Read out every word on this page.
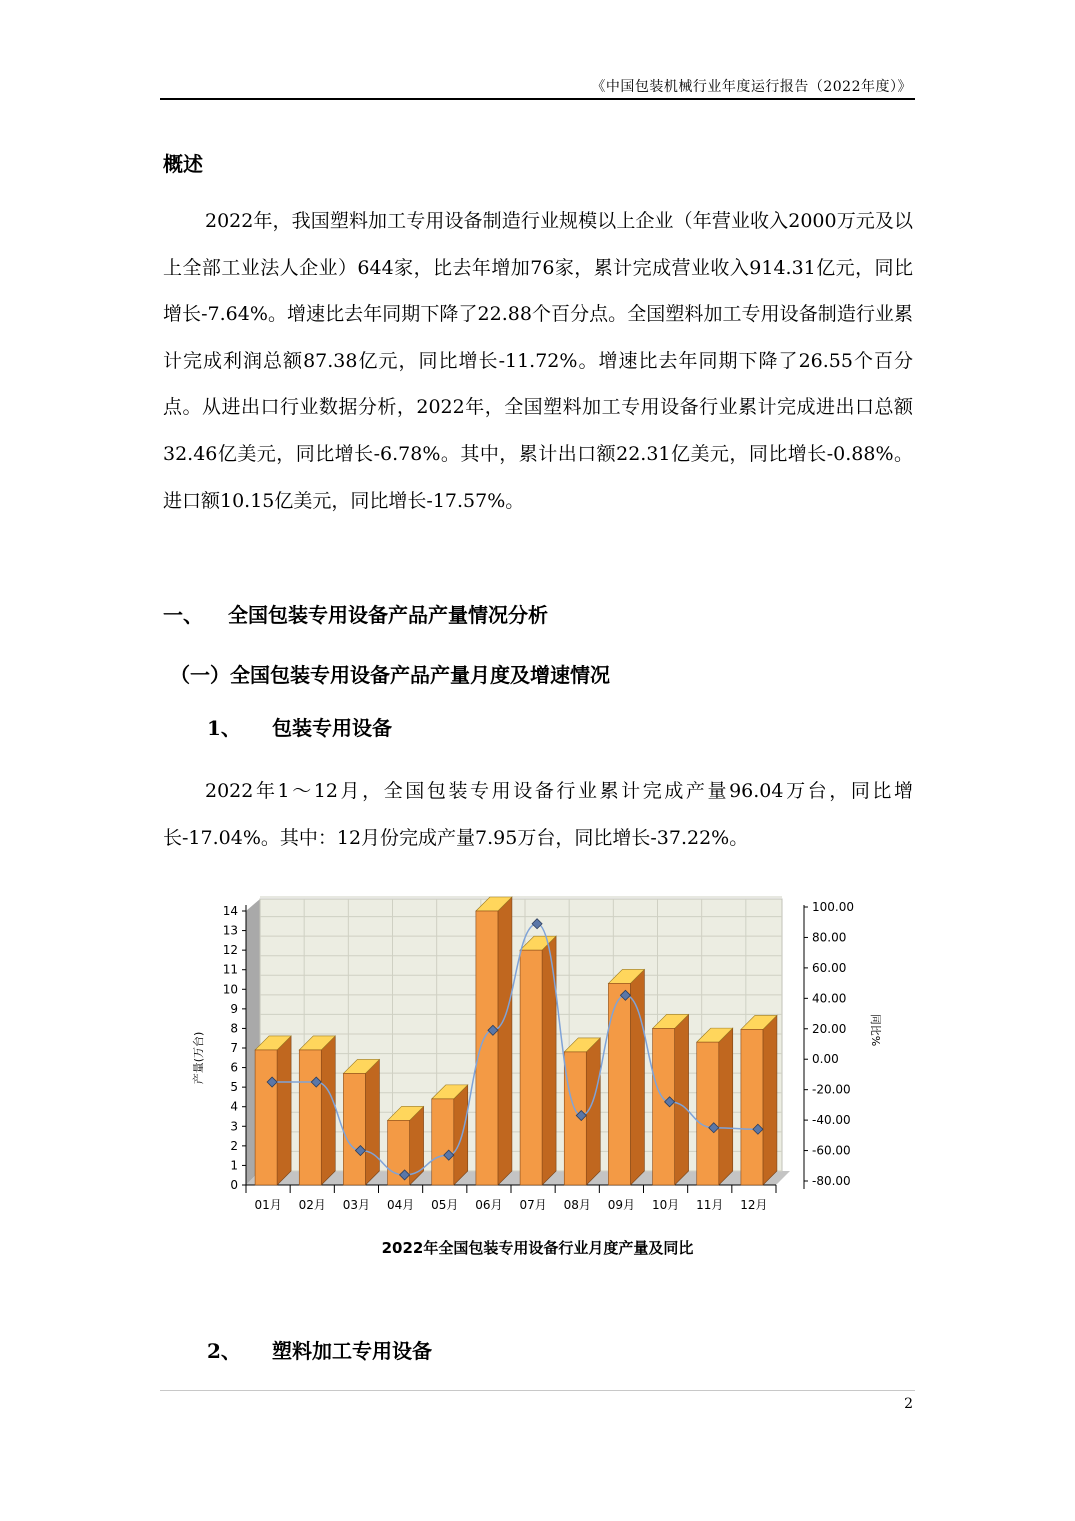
《中国包装机械行业年度运行报告（2022年度）》
概述

2022年，我国塑料加工专用设备制造行业规模以上企业（年营业收入2000万元及以上全部工业法人企业）644家，比去年增加76家，累计完成营业收入914.31亿元，同比增长-7.64%。增速比去年同期下降了22.88个百分点。全国塑料加工专用设备制造行业累计完成利润总额87.38亿元，同比增长-11.72%。增速比去年同期下降了26.55个百分点。从进出口行业数据分析，2022年，全国塑料加工专用设备行业累计完成进出口总额32.46亿美元，同比增长-6.78%。其中，累计出口额22.31亿美元，同比增长-0.88%。进口额10.15亿美元，同比增长-17.57%。

一、 全国包装专用设备产品产量情况分析
（一）全国包装专用设备产品产量月度及增速情况
1、 包装专用设备

2022年1～12月，全国包装专用设备行业累计完成产量96.04万台，同比增长-17.04%。其中：12月份完成产量7.95万台，同比增长-37.22%。

0
1
2
3
4
5
6
7
8
9
10
11
12
13
14
产量(万台)
-80.00
-60.00
-40.00
-20.00
0.00
20.00
40.00
60.00
80.00
100.00
同比%
01月 02月 03月 04月 05月 06月 07月 08月 09月 10月 11月 12月
2022年全国包装专用设备行业月度产量及同比
2、 塑料加工专用设备
2
